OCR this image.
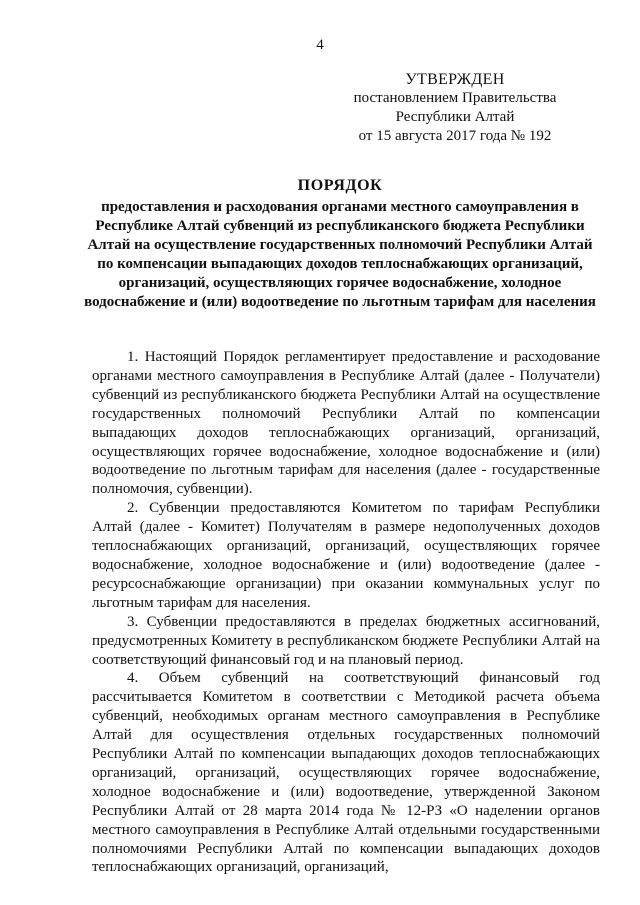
4
УТВЕРЖДЕН
постановлением Правительства
Республики Алтай
от 15 августа 2017 года № 192
ПОРЯДОК
предоставления и расходования органами местного самоуправления в Республике Алтай субвенций из республиканского бюджета Республики Алтай на осуществление государственных полномочий Республики Алтай по компенсации выпадающих доходов теплоснабжающих организаций, организаций, осуществляющих горячее водоснабжение, холодное водоснабжение и (или) водоотведение по льготным тарифам для населения

1. Настоящий Порядок регламентирует предоставление и расходование органами местного самоуправления в Республике Алтай (далее - Получатели) субвенций из республиканского бюджета Республики Алтай на осуществление государственных полномочий Республики Алтай по компенсации выпадающих доходов теплоснабжающих организаций, организаций, осуществляющих горячее водоснабжение, холодное водоснабжение и (или) водоотведение по льготным тарифам для населения (далее - государственные полномочия, субвенции).

2. Субвенции предоставляются Комитетом по тарифам Республики Алтай (далее - Комитет) Получателям в размере недополученных доходов теплоснабжающих организаций, организаций, осуществляющих горячее водоснабжение, холодное водоснабжение и (или) водоотведение (далее - ресурсоснабжающие организации) при оказании коммунальных услуг по льготным тарифам для населения.

3. Субвенции предоставляются в пределах бюджетных ассигнований, предусмотренных Комитету в республиканском бюджете Республики Алтай на соответствующий финансовый год и на плановый период.

4. Объем субвенций на соответствующий финансовый год рассчитывается Комитетом в соответствии с Методикой расчета объема субвенций, необходимых органам местного самоуправления в Республике Алтай для осуществления отдельных государственных полномочий Республики Алтай по компенсации выпадающих доходов теплоснабжающих организаций, организаций, осуществляющих горячее водоснабжение, холодное водоснабжение и (или) водоотведение, утвержденной Законом Республики Алтай от 28 марта 2014 года № 12-РЗ «О наделении органов местного самоуправления в Республике Алтай отдельными государственными полномочиями Республики Алтай по компенсации выпадающих доходов теплоснабжающих организаций, организаций,
